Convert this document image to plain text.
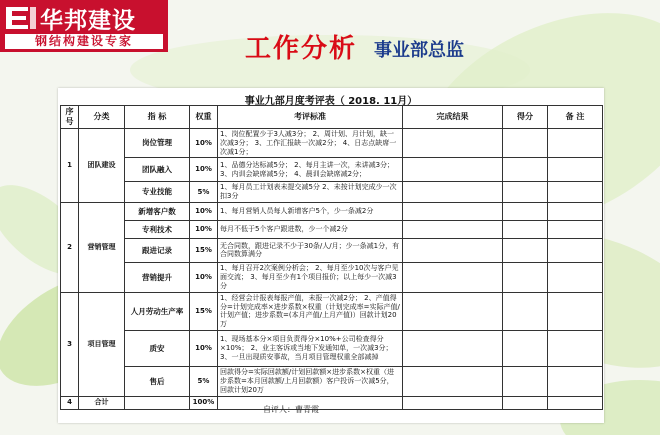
华邦建设
钢结构建设专家	工作分析 事业部总监
事业九部月度考评表（ 2018. 11月）
序号	分类	指 标	权重	考评标准	完成结果	得分	备 注
1	团队建设	岗位管理	10%	1、岗位配置少于3人减3分； 2、周计划、月计划，缺一次减3分； 3、工作汇报缺一次减2分； 4、日志点缺席一次减1分；			
		团队融入	10%	1、品德分达标减5分； 2、每月主讲一次，未讲减3分； 3、内训会缺席减5分； 4、晨训会缺席减2分；			
		专业技能	5%	1、每月员工计划表未提交减5分 2、未按计划完成少一次扣3分			
2	营销管理	新增客户数	10%	1、每月营销人员每人新增客户5个，少一条减2分			
		专利技术	10%	每月不低于5个客户跟进数，少一个减2分			
		跟进记录	15%	无合同数，跟进记录不少于30条/人/月；少一条减1分，有合同数算满分			
		营销提升	10%	1、每月召开2次案例分析会； 2、每月至少10次与客户见面交流； 3、每月至少有1个项目报价；以上每少一次减3分			
3	项目管理	人月劳动生产率	15%	1、经营会计报表每报产值，未报一次减2分； 2、产值得分=计划完成率×进步系数×权重（计划完成率=实际产值/计划产值；进步系数=(本月产值/上月产值)）回款计划20万			
		质安	10%	1、现场基本分×项目负责得分×10%+公司检查得分×10%； 2、业主客诉或当地下发通知单，一次减3分； 3、一旦出现质安事故，当月项目管理权重全部减掉			
		售后	5%	回款得分=实际回款额/计划回款额×进步系数×权重（进步系数=本月回款额/上月回款额）客户投诉一次减5分，回款计划20万			
4	合计		100%				
自评人：曹青霞
